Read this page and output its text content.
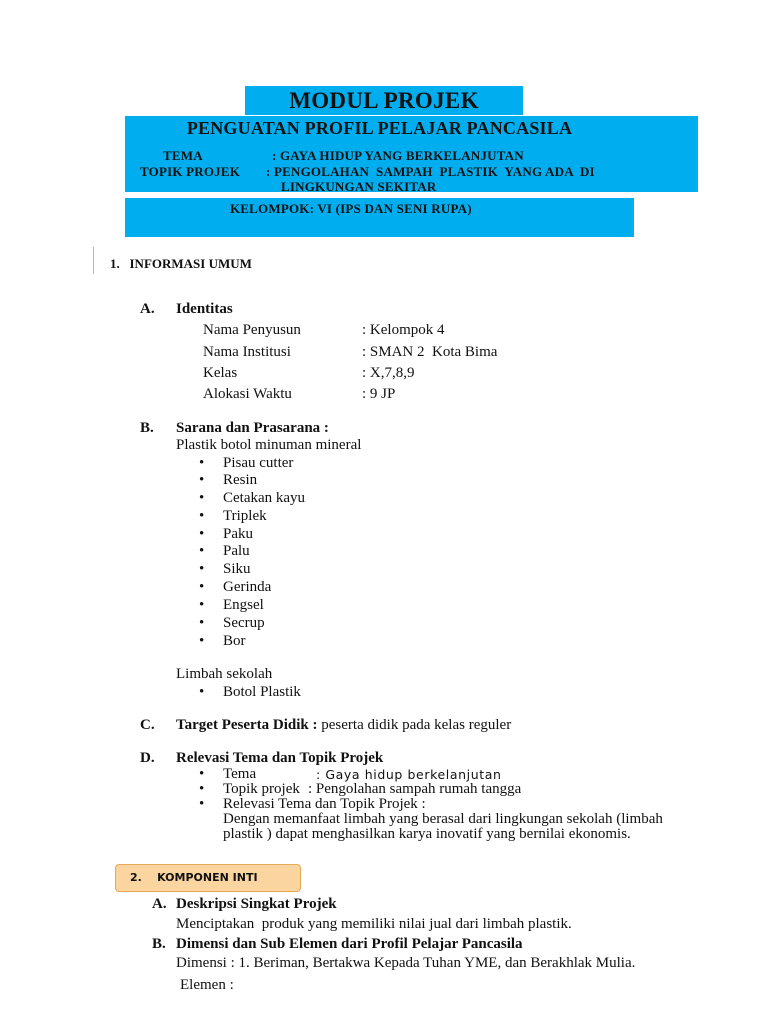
MODUL PROJEK
PENGUATAN PROFIL PELAJAR PANCASILA
TEMA	: GAYA HIDUP YANG BERKELANJUTAN
TOPIK PROJEK : PENGOLAHAN  SAMPAH  PLASTIK  YANG ADA  DI
LINGKUNGAN SEKITAR
KELOMPOK: VI (IPS DAN SENI RUPA)
1.   INFORMASI UMUM
A. Identitas
Nama Penyusun	: Kelompok 4
Nama Institusi	: SMAN 2  Kota Bima
Kelas	: X,7,8,9
Alokasi Waktu	: 9 JP
B. Sarana dan Prasarana :
Plastik botol minuman mineral
• Pisau cutter
• Resin
• Cetakan kayu
• Triplek
• Paku
• Palu
• Siku
• Gerinda
• Engsel
• Secrup
• Bor
Limbah sekolah
• Botol Plastik
C. Target Peserta Didik : peserta didik pada kelas reguler
D. Relevasi Tema dan Topik Projek
• Tema	: Gaya hidup berkelanjutan
• Topik projek : Pengolahan sampah rumah tangga
• Relevasi Tema dan Topik Projek :
Dengan memanfaat limbah yang berasal dari lingkungan sekolah (limbah
plastik ) dapat menghasilkan karya inovatif yang bernilai ekonomis.
2.    KOMPONEN INTI
A. Deskripsi Singkat Projek
Menciptakan  produk yang memiliki nilai jual dari limbah plastik.
B. Dimensi dan Sub Elemen dari Profil Pelajar Pancasila
Dimensi : 1. Beriman, Bertakwa Kepada Tuhan YME, dan Berakhlak Mulia.
Elemen :
